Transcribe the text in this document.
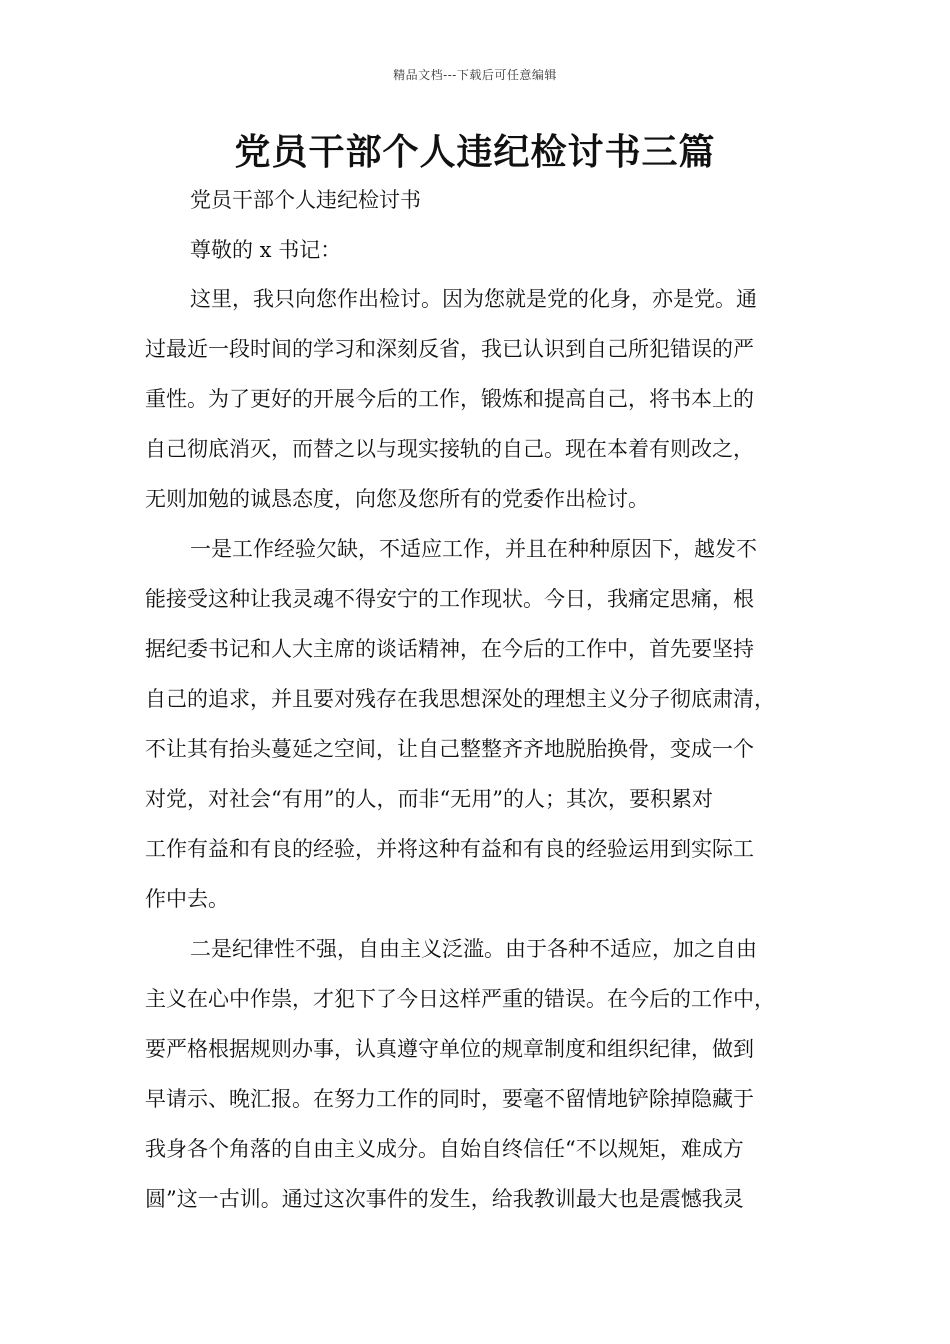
精品文档---下载后可任意编辑
党员干部个人违纪检讨书三篇
党员干部个人违纪检讨书
尊敬的 x 书记：
这里，我只向您作出检讨。因为您就是党的化身，亦是党。通
过最近一段时间的学习和深刻反省，我已认识到自己所犯错误的严
重性。为了更好的开展今后的工作，锻炼和提高自己，将书本上的
自己彻底消灭，而替之以与现实接轨的自己。现在本着有则改之，
无则加勉的诚恳态度，向您及您所有的党委作出检讨。
一是工作经验欠缺，不适应工作，并且在种种原因下，越发不
能接受这种让我灵魂不得安宁的工作现状。今日，我痛定思痛，根
据纪委书记和人大主席的谈话精神，在今后的工作中，首先要坚持
自己的追求，并且要对残存在我思想深处的理想主义分子彻底肃清，
不让其有抬头蔓延之空间，让自己整整齐齐地脱胎换骨，变成一个
对党，对社会“有用”的人，而非“无用”的人；其次，要积累对
工作有益和有良的经验，并将这种有益和有良的经验运用到实际工
作中去。
二是纪律性不强，自由主义泛滥。由于各种不适应，加之自由
主义在心中作祟，才犯下了今日这样严重的错误。在今后的工作中，
要严格根据规则办事，认真遵守单位的规章制度和组织纪律，做到
早请示、晚汇报。在努力工作的同时，要毫不留情地铲除掉隐藏于
我身各个角落的自由主义成分。自始自终信任“不以规矩，难成方
圆”这一古训。通过这次事件的发生，给我教训最大也是震憾我灵
